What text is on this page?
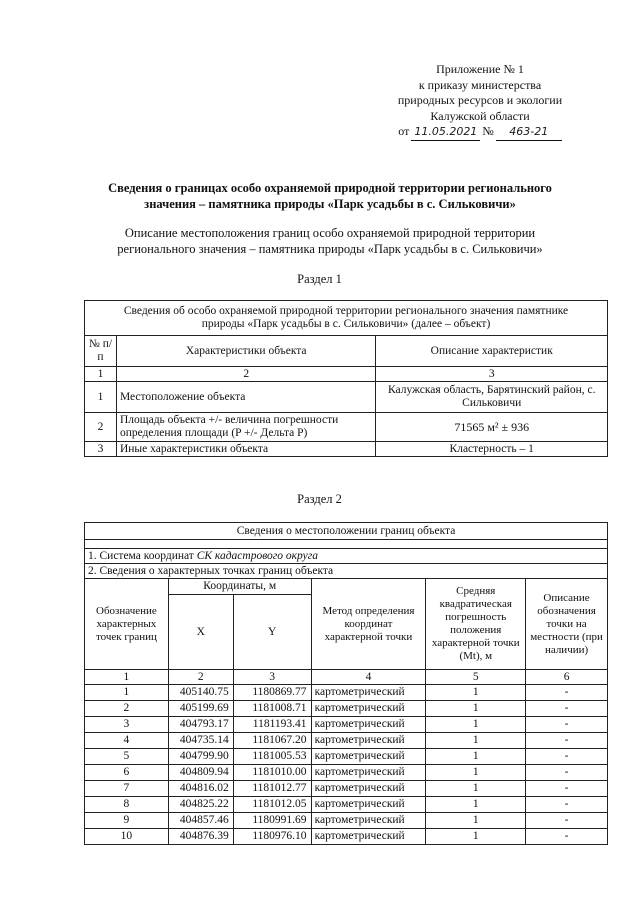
Приложение № 1
к приказу министерства
природных ресурсов и экологии
Калужской области
от 11.05.2021 №	463-21
Сведения о границах особо охраняемой природной территории регионального
значения – памятника природы «Парк усадьбы в с. Сильковичи»
Описание местоположения границ особо охраняемой природной территории
регионального значения – памятника природы «Парк усадьбы в с. Сильковичи»
Раздел 1
Сведения об особо охраняемой природной территории регионального значения памятнике природы «Парк усадьбы в с. Сильковичи» (далее – объект)		
№ п/п	Характеристики объекта	Описание характеристик
1	2	3
1	Местоположение объекта	Калужская область, Барятинский район, с. Сильковичи
2	Площадь объекта +/- величина погрешности определения площади (P +/- Дельта P)	71565 м² ± 936
3	Иные характеристики объекта	Кластерность – 1
Раздел 2
Сведения о местоположении границ объекта					

1. Система координат СК кадастрового округа					
2. Сведения о характерных точках границ объекта					
Обозначение характерных точек границ	Координаты, м		Метод определения координат характерной точки	Средняя квадратическая погрешность положения характерной точки (Mt), м	Описание обозначения точки на местности (при наличии)
	X	Y			
1	2	3	4	5	6
1	405140.75	1180869.77	картометрический	1	-
2	405199.69	1181008.71	картометрический	1	-
3	404793.17	1181193.41	картометрический	1	-
4	404735.14	1181067.20	картометрический	1	-
5	404799.90	1181005.53	картометрический	1	-
6	404809.94	1181010.00	картометрический	1	-
7	404816.02	1181012.77	картометрический	1	-
8	404825.22	1181012.05	картометрический	1	-
9	404857.46	1180991.69	картометрический	1	-
10	404876.39	1180976.10	картометрический	1	-
